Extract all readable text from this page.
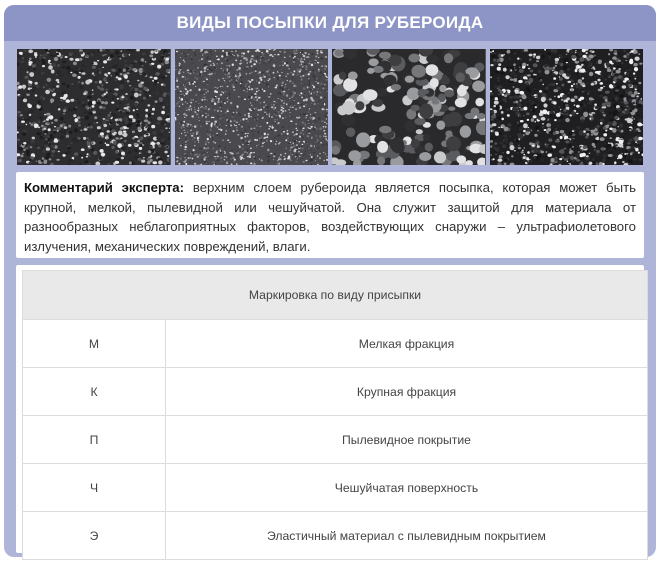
ВИДЫ ПОСЫПКИ ДЛЯ РУБЕРОИДА
Комментарий эксперта: верхним слоем рубероида является посыпка, которая может быть крупной, мелкой, пылевидной или чешуйчатой. Она служит защитой для материала от разнообразных неблагоприятных факторов, воздействующих снаружи – ультрафиолетового излучения, механических повреждений, влаги.
Маркировка по виду присыпки	
М	Мелкая фракция
К	Крупная фракция
П	Пылевидное покрытие
Ч	Чешуйчатая поверхность
Э	Эластичный материал с пылевидным покрытием
